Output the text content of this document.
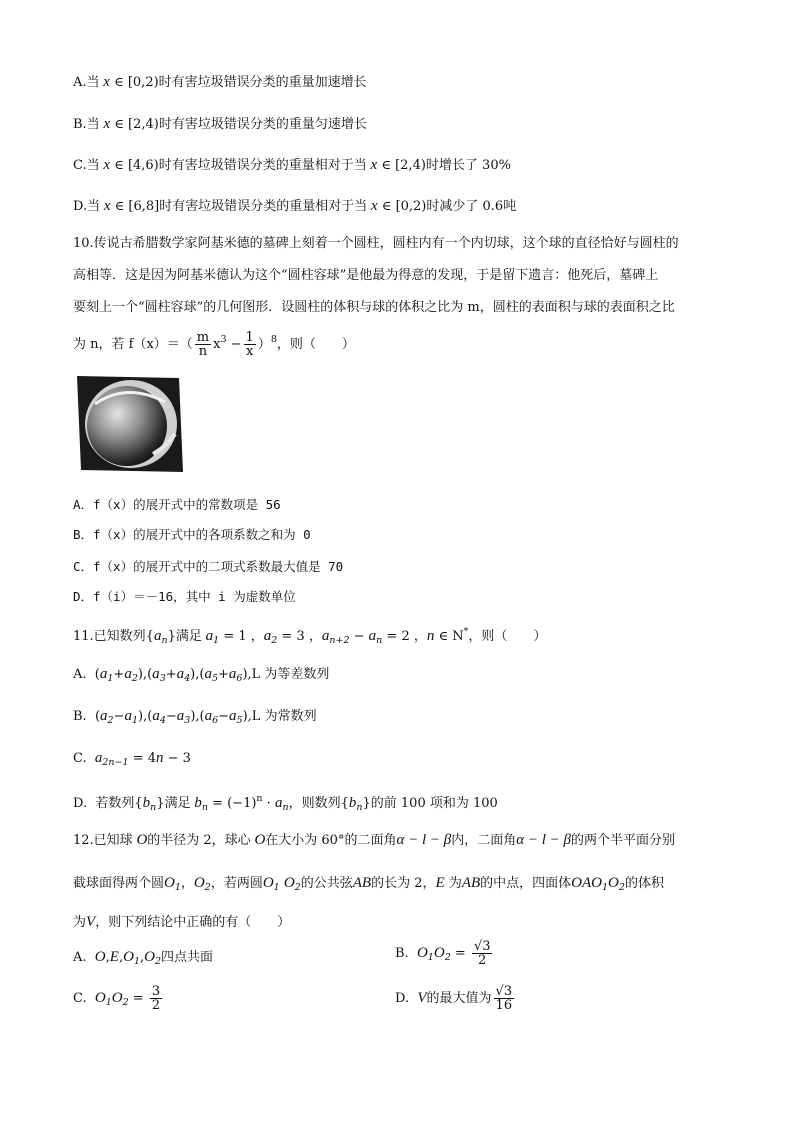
A.当 x ∈ [0,2)时有害垃圾错误分类的重量加速增长
B.当 x ∈ [2,4)时有害垃圾错误分类的重量匀速增长
C.当 x ∈ [4,6)时有害垃圾错误分类的重量相对于当 x ∈ [2,4)时增长了 30%
D.当 x ∈ [6,8]时有害垃圾错误分类的重量相对于当 x ∈ [0,2)时减少了 0.6吨
10.传说古希腊数学家阿基米德的墓碑上刻着一个圆柱，圆柱内有一个内切球，这个球的直径恰好与圆柱的
高相等．这是因为阿基米德认为这个“圆柱容球”是他最为得意的发现，于是留下遗言：他死后，墓碑上
要刻上一个“圆柱容球”的几何图形．设圆柱的体积与球的体积之比为 m，圆柱的表面积与球的表面积之比
为 n，若 $f(x)=( \frac{m}{n} x^3 - \frac{1}{x} )^8$，则（　　）
A．f（x）的展开式中的常数项是 56
B．f（x）的展开式中的各项系数之和为 0
C．f（x）的展开式中的二项式系数最大值是 70
D．f（i）＝－16，其中 i 为虚数单位
11.已知数列$\{a_n\}$满足 $a_1 = 1$ ，$a_2 = 3$ ，$a_{n+2} - a_n = 2$ ，n ∈ N*，则（　　）
A.  $(a_1+a_2),(a_3+a_4),(a_5+a_6),L$ 为等差数列
B.  $(a_2-a_1),(a_4-a_3),(a_6-a_5),L$ 为常数列
C. $a_{2n-1} = 4n - 3$
D. 若数列$\{b_n\}$满足 $b_n = (-1)^n \cdot a_n$，则数列$\{b_n\}$的前 100 项和为 100
12.已知球 O的半径为 2，球心 O在大小为 60°的二面角α − l − β内，二面角α − l − β的两个半平面分别
截球面得两个圆$O_1$，$O_2$，若两圆$O_1$ $O_2$的公共弦AB的长为 2，E 为AB的中点，四面体$OAO_1O_2$的体积
为V，则下列结论中正确的有（　　）
A. $O,E,O_1,O_2$四点共面	B. $O_1O_2 = \frac{√3}{2}$
C. $O_1O_2 = \frac{3}{2}$	D. V的最大值为 $\frac{√3}{16}$
